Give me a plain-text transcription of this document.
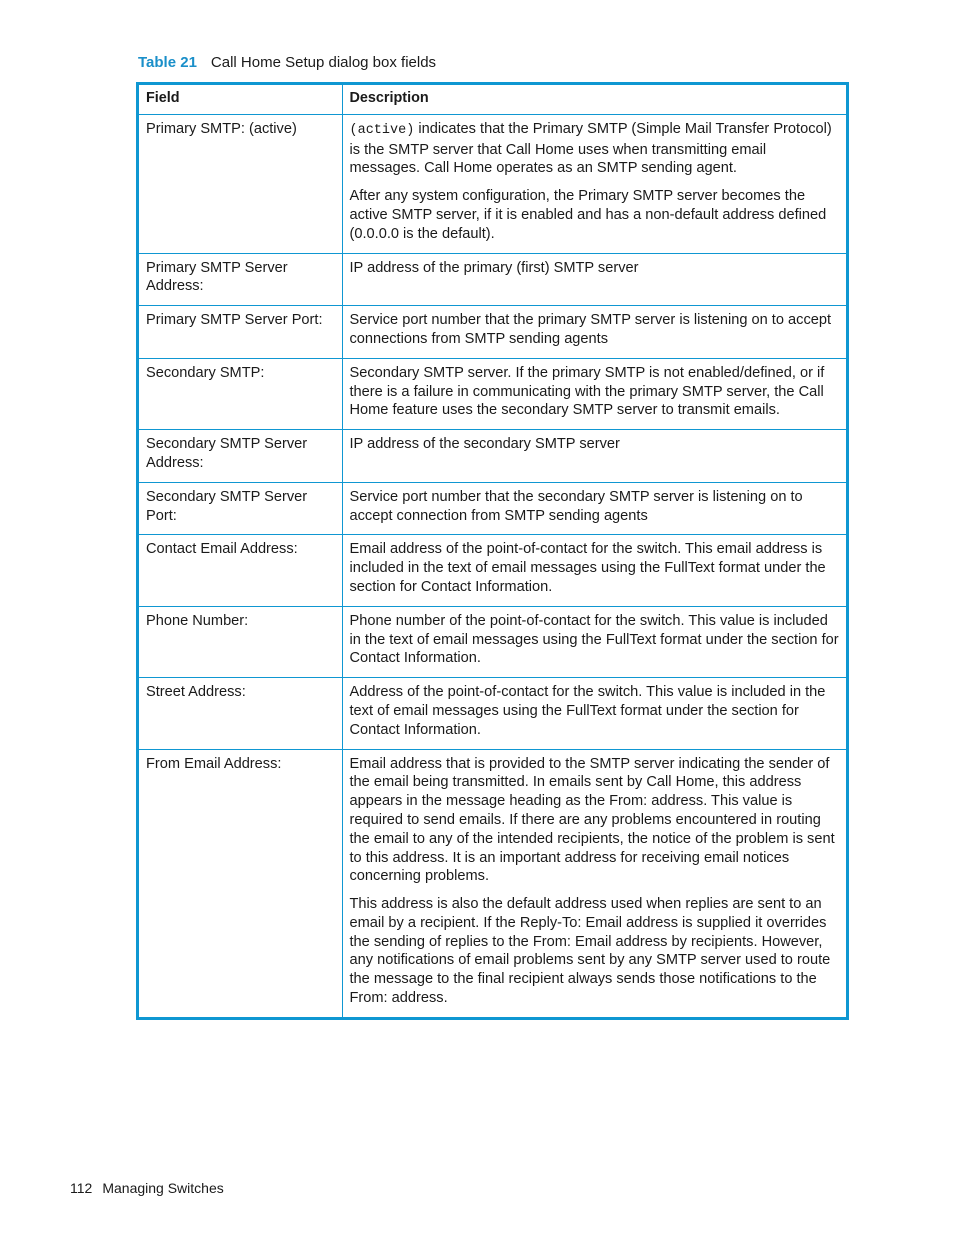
Table 21 Call Home Setup dialog box fields
Field	Description
Primary SMTP: (active)	(active) indicates that the Primary SMTP (Simple Mail Transfer Protocol) is the SMTP server that Call Home uses when transmitting email messages. Call Home operates as an SMTP sending agent.

After any system configuration, the Primary SMTP server becomes the active SMTP server, if it is enabled and has a non-default address defined (0.0.0.0 is the default).

Primary SMTP Server Address:	IP address of the primary (first) SMTP server

Primary SMTP Server Port:	Service port number that the primary SMTP server is listening on to accept connections from SMTP sending agents

Secondary SMTP:	Secondary SMTP server. If the primary SMTP is not enabled/defined, or if there is a failure in communicating with the primary SMTP server, the Call Home feature uses the secondary SMTP server to transmit emails.

Secondary SMTP Server Address:	IP address of the secondary SMTP server

Secondary SMTP Server Port:	Service port number that the secondary SMTP server is listening on to accept connection from SMTP sending agents

Contact Email Address:	Email address of the point-of-contact for the switch. This email address is included in the text of email messages using the FullText format under the section for Contact Information.

Phone Number:	Phone number of the point-of-contact for the switch. This value is included in the text of email messages using the FullText format under the section for Contact Information.

Street Address:	Address of the point-of-contact for the switch. This value is included in the text of email messages using the FullText format under the section for Contact Information.

From Email Address:	Email address that is provided to the SMTP server indicating the sender of the email being transmitted. In emails sent by Call Home, this address appears in the message heading as the From: address. This value is required to send emails. If there are any problems encountered in routing the email to any of the intended recipients, the notice of the problem is sent to this address. It is an important address for receiving email notices concerning problems.

This address is also the default address used when replies are sent to an email by a recipient. If the Reply-To: Email address is supplied it overrides the sending of replies to the From: Email address by recipients. However, any notifications of email problems sent by any SMTP server used to route the message to the final recipient always sends those notifications to the From: address.

112 Managing Switches
